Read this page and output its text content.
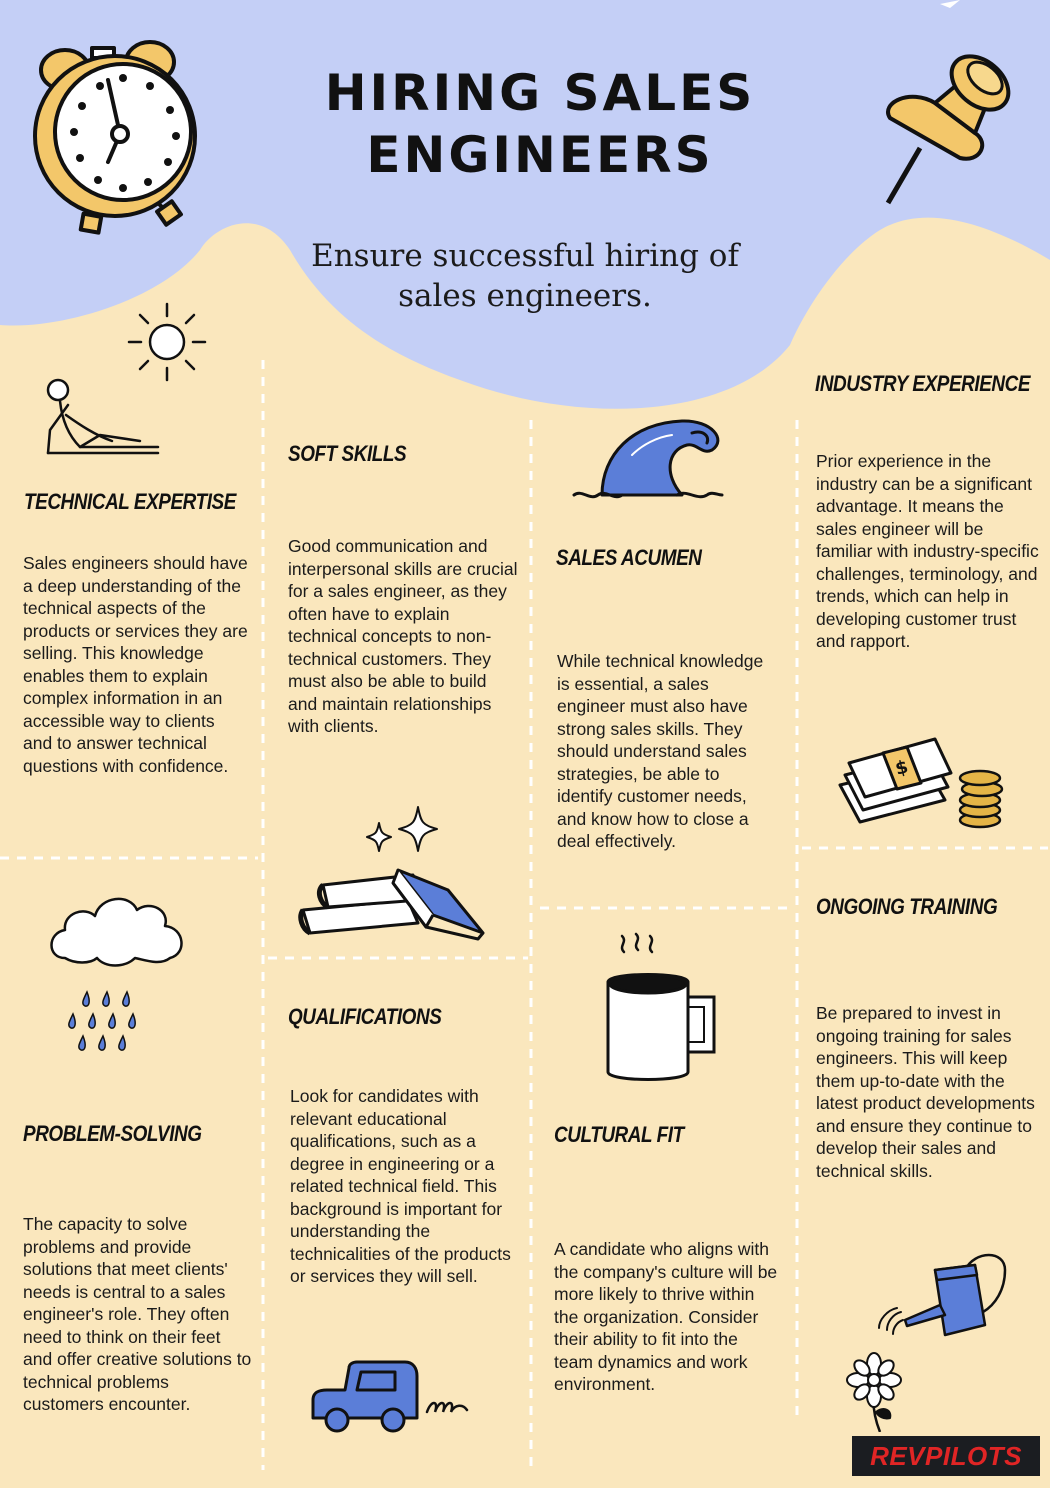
HIRING SALES ENGINEERS

Ensure successful hiring of sales engineers.

$
TECHNICAL EXPERTISE

Sales engineers should have a deep understanding of the technical aspects of the products or services they are selling. This knowledge enables them to explain complex information in an accessible way to clients and to answer technical questions with confidence.

SOFT SKILLS

Good communication and interpersonal skills are crucial for a sales engineer, as they often have to explain technical concepts to non-technical customers. They must also be able to build and maintain relationships with clients.

SALES ACUMEN

While technical knowledge is essential, a sales engineer must also have strong sales skills. They should understand sales strategies, be able to identify customer needs, and know how to close a deal effectively.

INDUSTRY EXPERIENCE

Prior experience in the industry can be a significant advantage. It means the sales engineer will be familiar with industry-specific challenges, terminology, and trends, which can help in developing customer trust and rapport.

PROBLEM-SOLVING

The capacity to solve problems and provide solutions that meet clients' needs is central to a sales engineer's role. They often need to think on their feet and offer creative solutions to technical problems customers encounter.

QUALIFICATIONS

Look for candidates with relevant educational qualifications, such as a degree in engineering or a related technical field. This background is important for understanding the technicalities of the products or services they will sell.

CULTURAL FIT

A candidate who aligns with the company's culture will be more likely to thrive within the organization. Consider their ability to fit into the team dynamics and work environment.

ONGOING TRAINING

Be prepared to invest in ongoing training for sales engineers. This will keep them up-to-date with the latest product developments and ensure they continue to develop their sales and technical skills.

REVPILOTS
